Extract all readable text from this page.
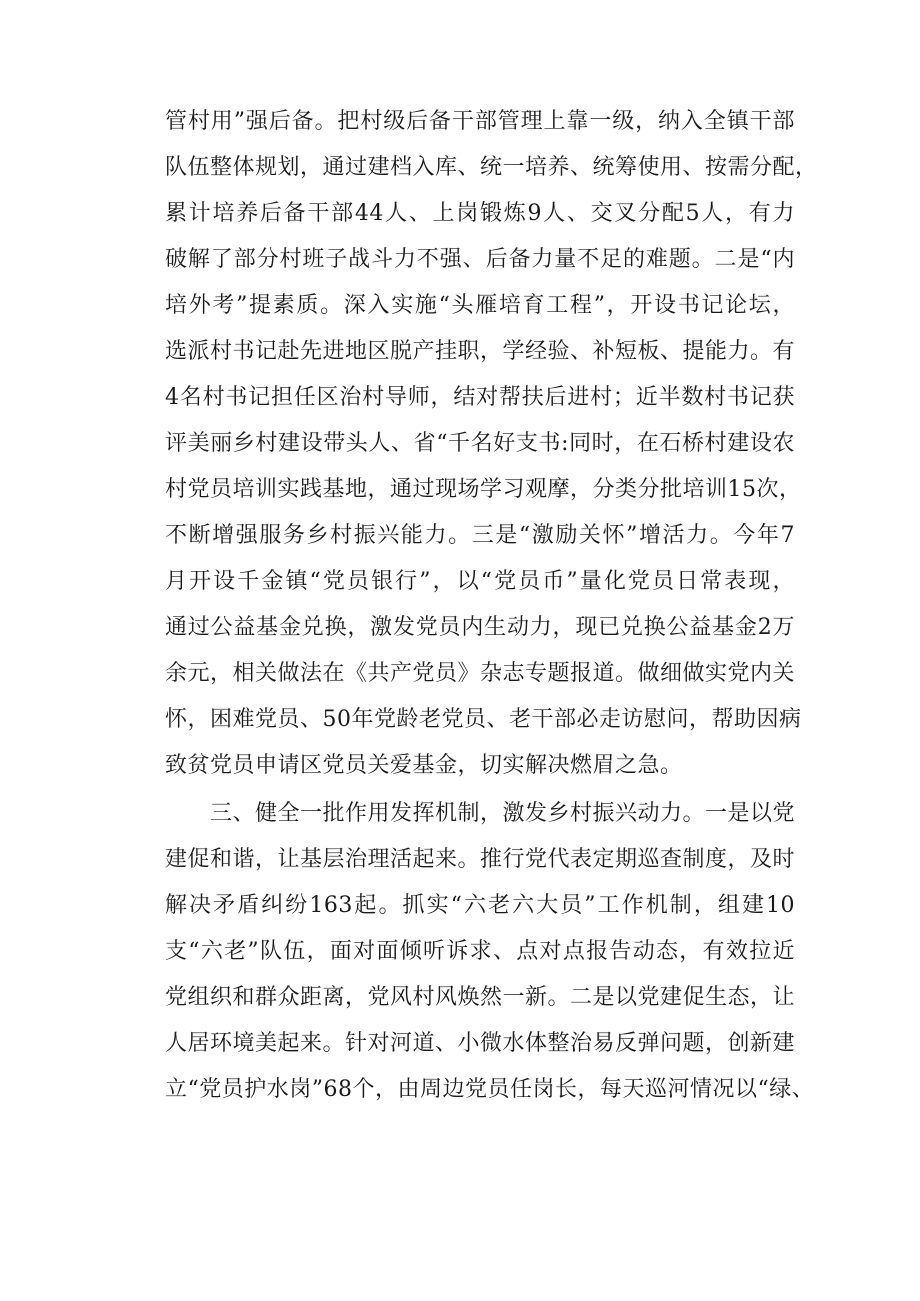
管村用”强后备。把村级后备干部管理上靠一级，纳入全镇干部
队伍整体规划，通过建档入库、统一培养、统筹使用、按需分配，
累计培养后备干部44人、上岗锻炼9人、交叉分配5人，有力
破解了部分村班子战斗力不强、后备力量不足的难题。二是“内
培外考”提素质。深入实施“头雁培育工程”，开设书记论坛，
选派村书记赴先进地区脱产挂职，学经验、补短板、提能力。有
4名村书记担任区治村导师，结对帮扶后进村；近半数村书记获
评美丽乡村建设带头人、省“千名好支书:同时，在石桥村建设农
村党员培训实践基地，通过现场学习观摩，分类分批培训15次，
不断增强服务乡村振兴能力。三是“激励关怀”增活力。今年7
月开设千金镇“党员银行”，以“党员币”量化党员日常表现，
通过公益基金兑换，激发党员内生动力，现已兑换公益基金2万
余元，相关做法在《共产党员》杂志专题报道。做细做实党内关
怀，困难党员、50年党龄老党员、老干部必走访慰问，帮助因病
致贫党员申请区党员关爱基金，切实解决燃眉之急。
三、健全一批作用发挥机制，激发乡村振兴动力。一是以党
建促和谐，让基层治理活起来。推行党代表定期巡查制度，及时
解决矛盾纠纷163起。抓实“六老六大员”工作机制，组建10
支“六老”队伍，面对面倾听诉求、点对点报告动态，有效拉近
党组织和群众距离，党风村风焕然一新。二是以党建促生态，让
人居环境美起来。针对河道、小微水体整治易反弹问题，创新建
立“党员护水岗”68个，由周边党员任岗长，每天巡河情况以“绿、
